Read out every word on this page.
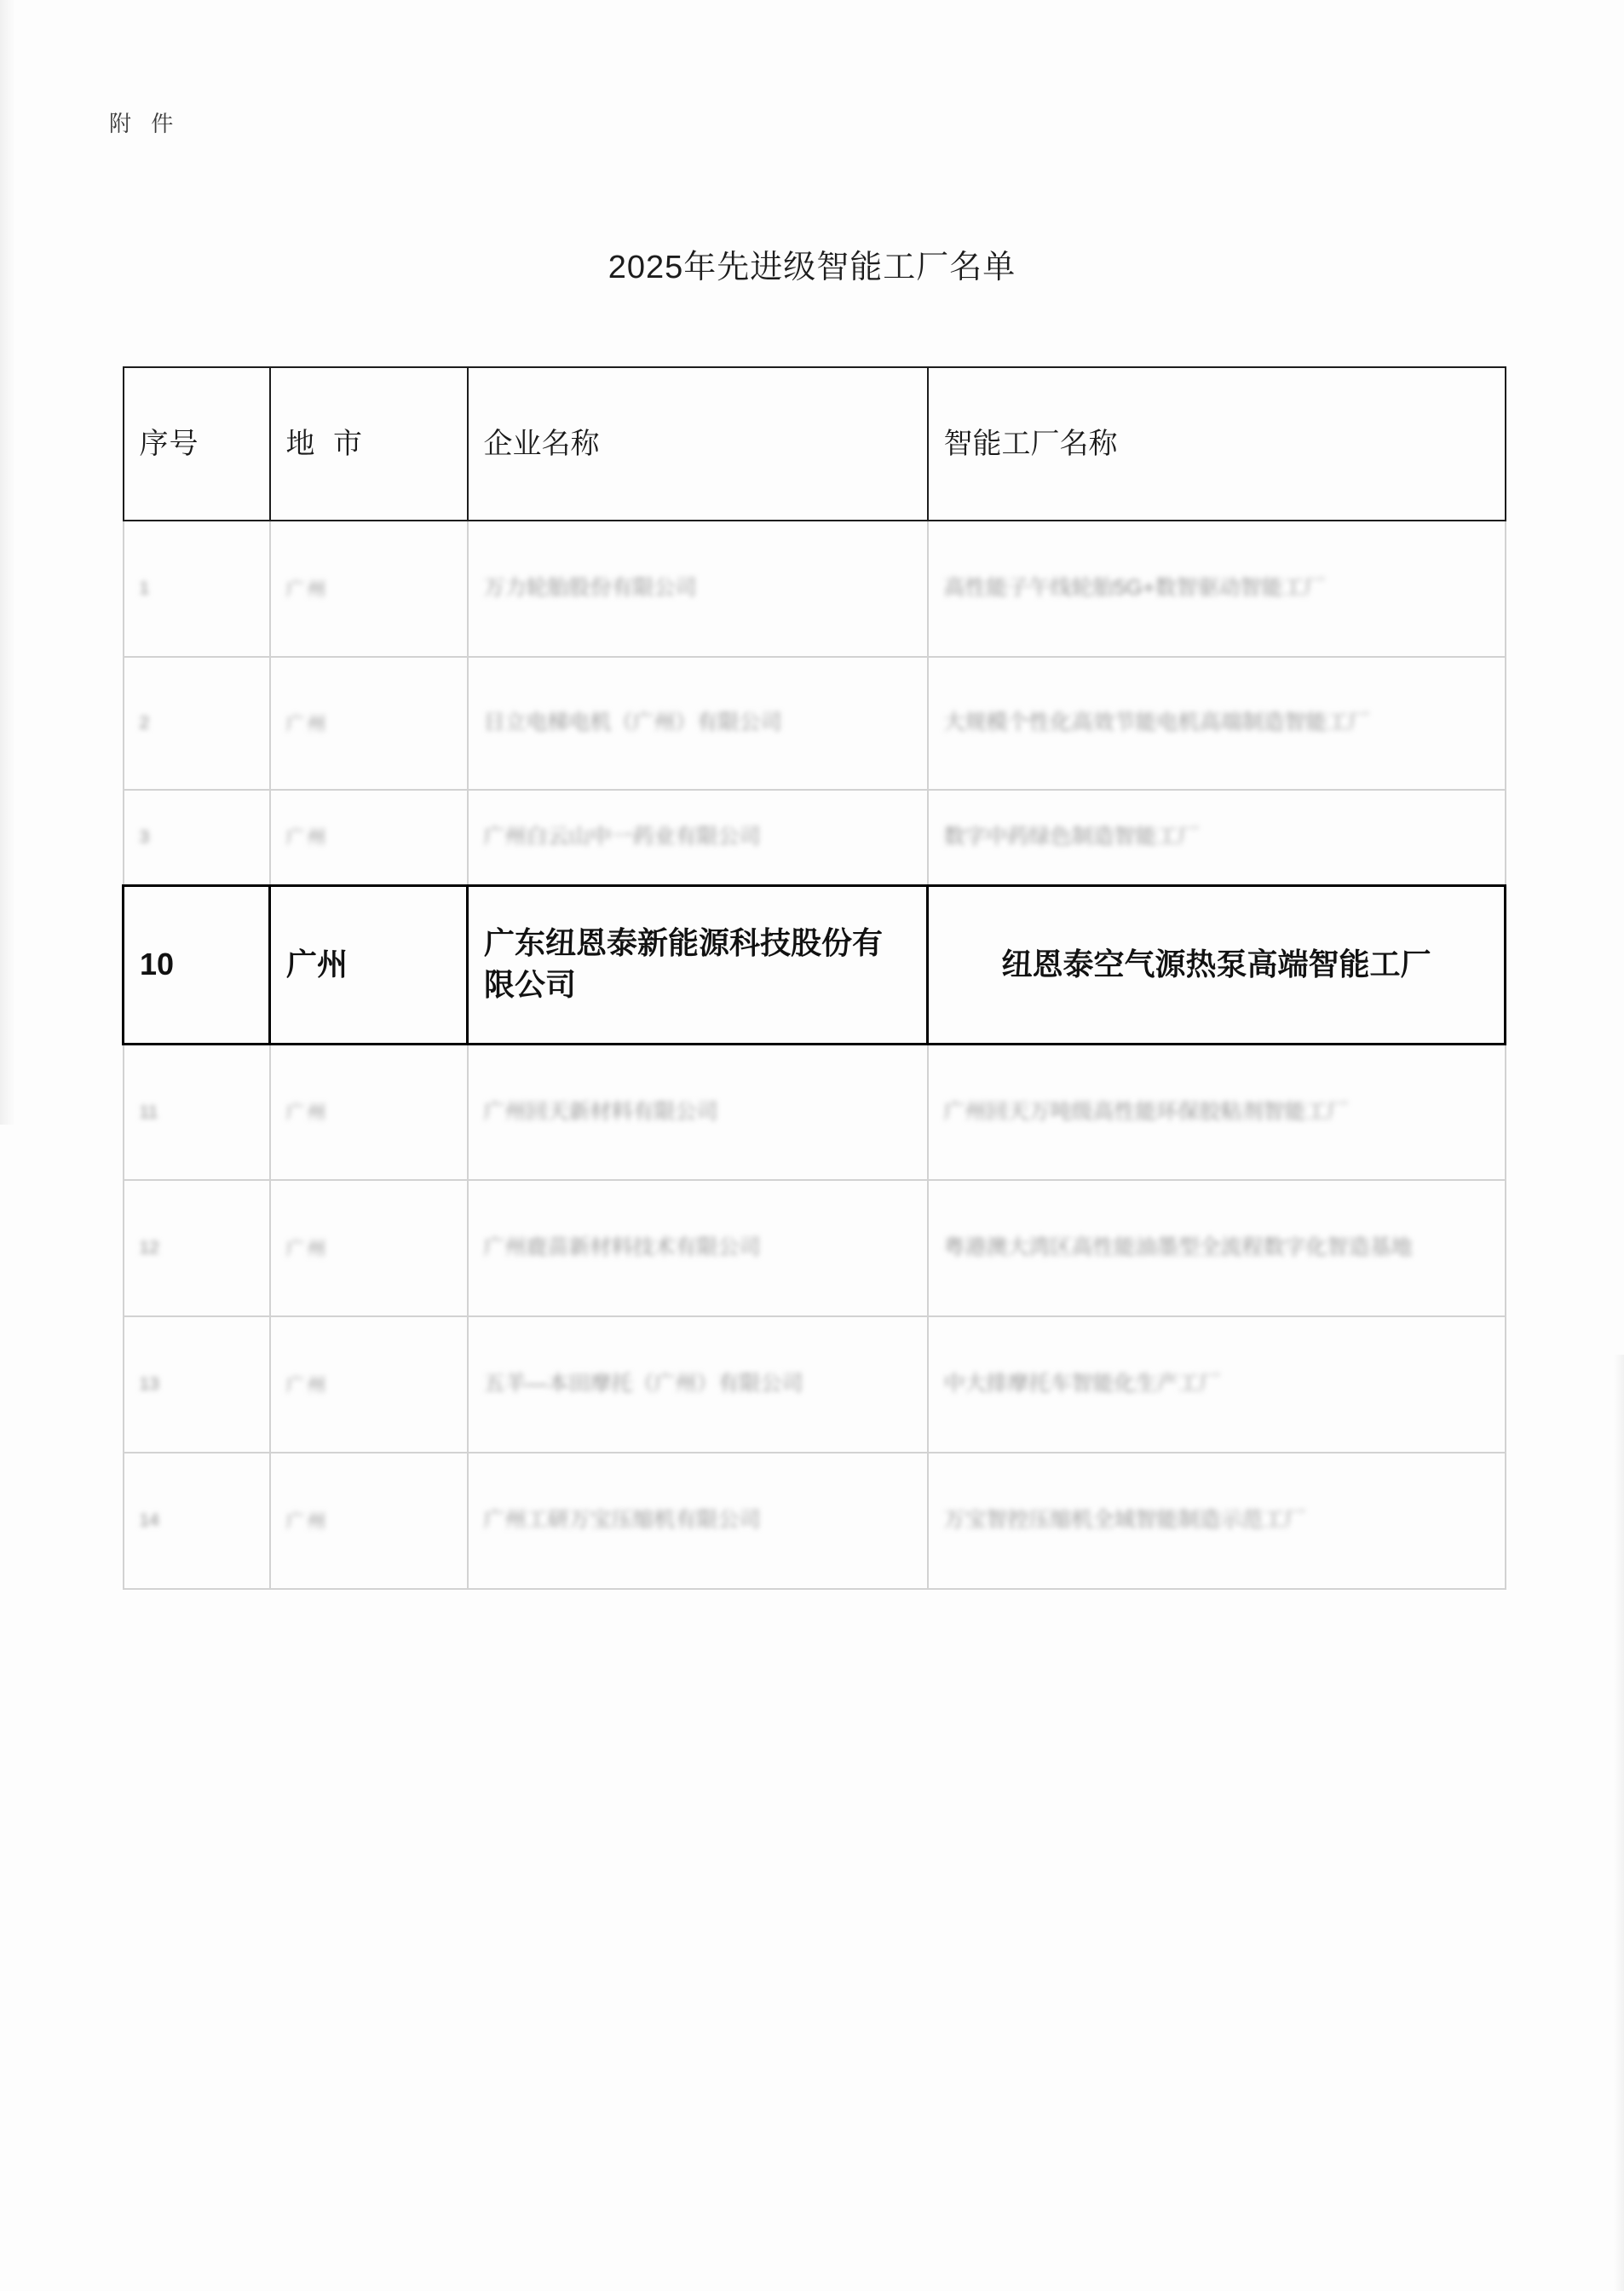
附 件
2025年先进级智能工厂名单
序号	地 市	企业名称	智能工厂名称
1	广州	万力轮胎股份有限公司	高性能子午线轮胎5G+数智驱动智能工厂
2	广州	日立电梯电机（广州）有限公司	大规模个性化高效节能电机高端制造智能工厂
3	广州	广州白云山中一药业有限公司	数字中药绿色制造智能工厂
10	广州	广东纽恩泰新能源科技股份有限公司	纽恩泰空气源热泵高端智能工厂
11	广州	广州回天新材料有限公司	广州回天万吨级高性能环保胶粘剂智能工厂
12	广州	广州鹿苗新材料技术有限公司	粤港澳大湾区高性能油墨型全流程数字化智造基地
13	广州	五羊—本田摩托（广州）有限公司	中大排摩托车智能化生产工厂
14	广州	广州工研万宝压缩机有限公司	万宝智控压缩机全域智能制造示范工厂
